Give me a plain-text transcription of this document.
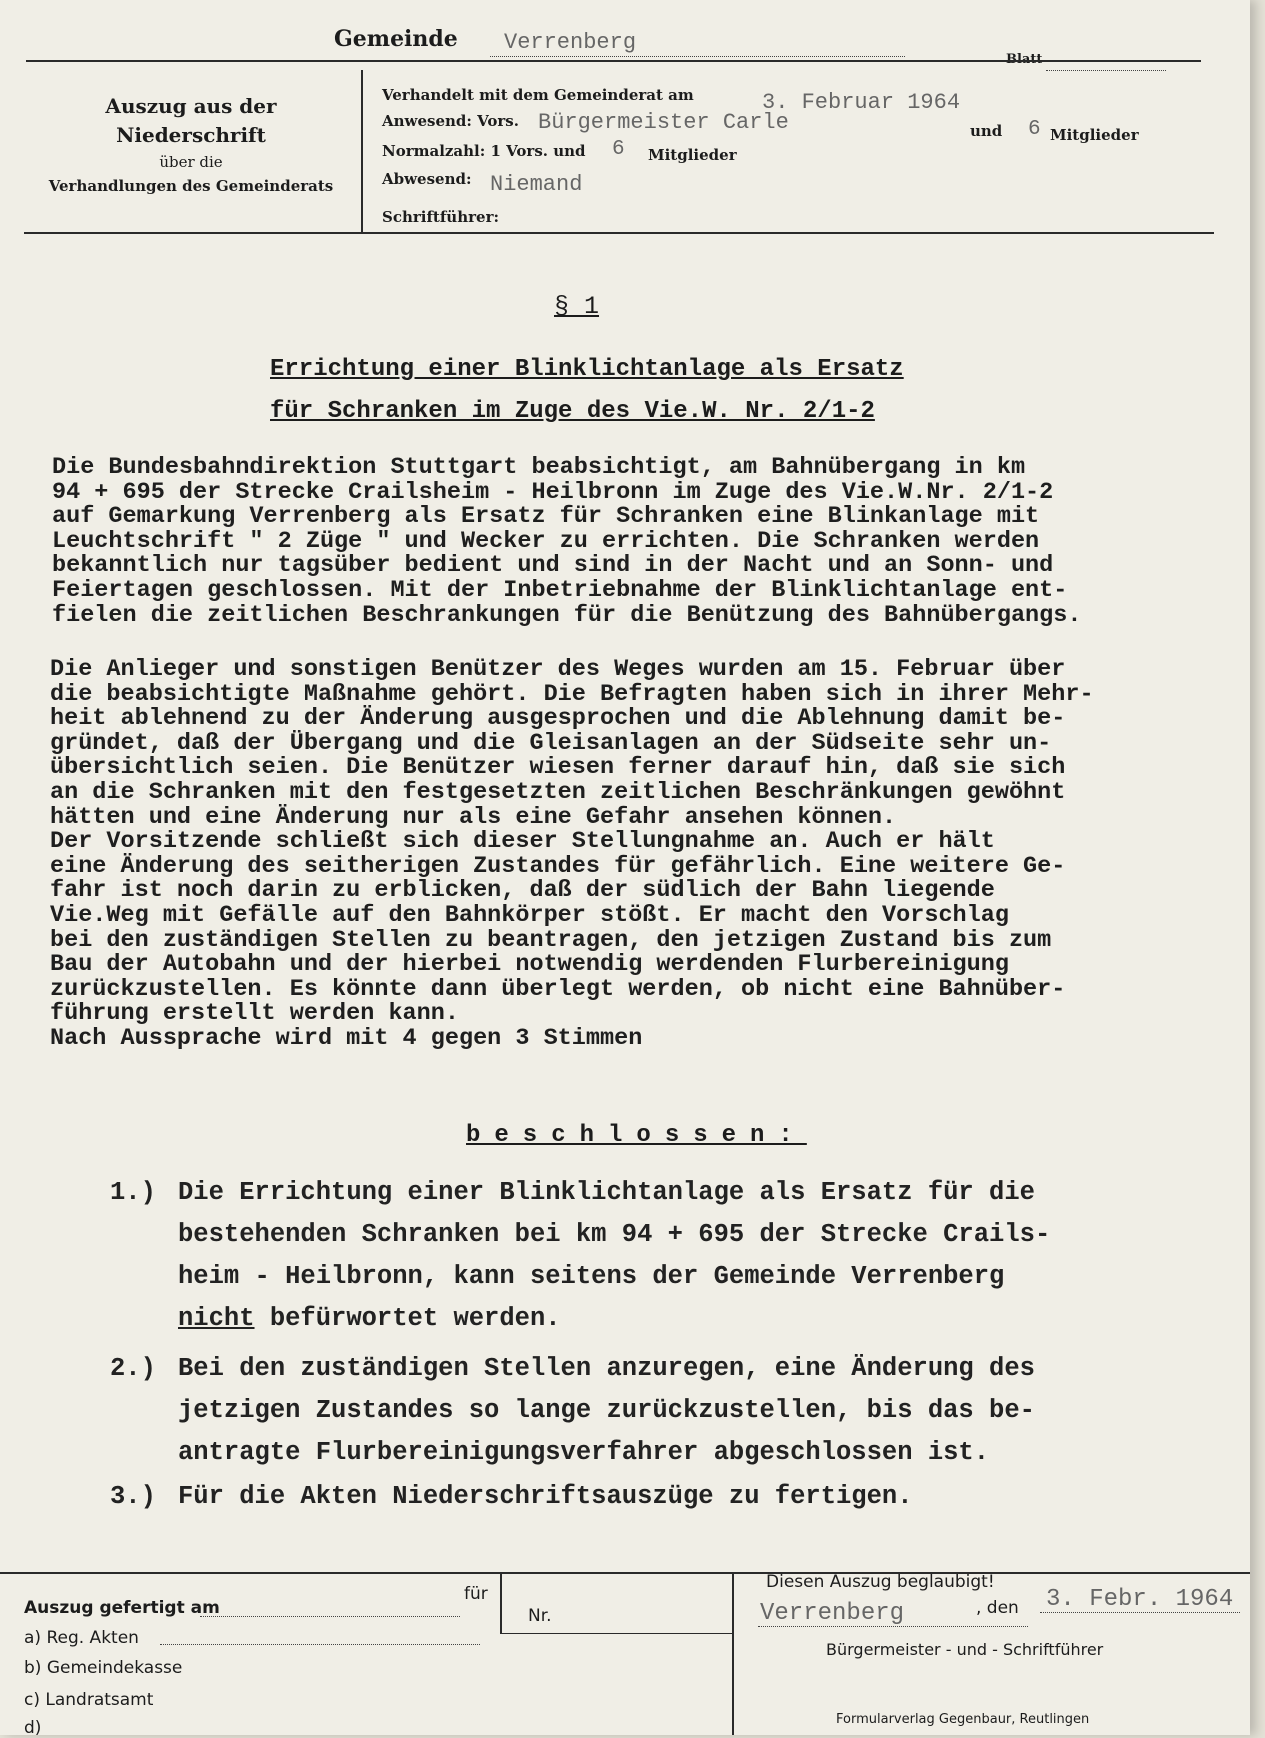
Gemeinde Verrenberg
Auszug aus der
Niederschrift
über die
Verhandlungen des Gemeinderats
Verhandelt mit dem Gemeinderat am	3. Februar 1964
Anwesend: Vors. Bürgermeister Carle	und 6 Mitglieder
Normalzahl: 1 Vors. und 6 Mitglieder
Abwesend: Niemand
Schriftführer:
§ 1
Errichtung einer Blinklichtanlage als Ersatz
für Schranken im Zuge des Vie.W. Nr. 2/1-2
Die Bundesbahndirektion Stuttgart beabsichtigt, am Bahnübergang in km
94 + 695 der Strecke Crailsheim - Heilbronn im Zuge des Vie.W.Nr. 2/1-2
auf Gemarkung Verrenberg als Ersatz für Schranken eine Blinkanlage mit
Leuchtschrift " 2 Züge " und Wecker zu errichten. Die Schranken werden
bekanntlich nur tagsüber bedient und sind in der Nacht und an Sonn- und
Feiertagen geschlossen. Mit der Inbetriebnahme der Blinklichtanlage ent-
fielen die zeitlichen Beschrankungen für die Benützung des Bahnübergangs.
Die Anlieger und sonstigen Benützer des Weges wurden am 15. Februar über
die beabsichtigte Maßnahme gehört. Die Befragten haben sich in ihrer Mehr-
heit ablehnend zu der Änderung ausgesprochen und die Ablehnung damit be-
gründet, daß der Übergang und die Gleisanlagen an der Südseite sehr un-
übersichtlich seien. Die Benützer wiesen ferner darauf hin, daß sie sich
an die Schranken mit den festgesetzten zeitlichen Beschränkungen gewöhnt
hätten und eine Änderung nur als eine Gefahr ansehen können.
Der Vorsitzende schließt sich dieser Stellungnahme an. Auch er hält
eine Änderung des seitherigen Zustandes für gefährlich. Eine weitere Ge-
fahr ist noch darin zu erblicken, daß der südlich der Bahn liegende
Vie.Weg mit Gefälle auf den Bahnkörper stößt. Er macht den Vorschlag
bei den zuständigen Stellen zu beantragen, den jetzigen Zustand bis zum
Bau der Autobahn und der hierbei notwendig werdenden Flurbereinigung
zurückzustellen. Es könnte dann überlegt werden, ob nicht eine Bahnüber-
führung erstellt werden kann.
Nach Aussprache wird mit 4 gegen 3 Stimmen
beschlossen:
1.) Die Errichtung einer Blinklichtanlage als Ersatz für die
bestehenden Schranken bei km 94 + 695 der Strecke Crails-
heim - Heilbronn, kann seitens der Gemeinde Verrenberg
nicht befürwortet werden.
2.) Bei den zuständigen Stellen anzuregen, eine Änderung des
jetzigen Zustandes so lange zurückzustellen, bis das be-
antragte Flurbereinigungsverfahrer abgeschlossen ist.
3.) Für die Akten Niederschriftsauszüge zu fertigen.
Auszug gefertigt am
für
Nr.
a) Reg. Akten
b) Gemeindekasse
c) Landratsamt
d)
Diesen Auszug beglaubigt!
Verrenberg	, den 3. Febr. 1964
Bürgermeister - und - Schriftführer
Formularverlag Gegenbaur, Reutlingen
